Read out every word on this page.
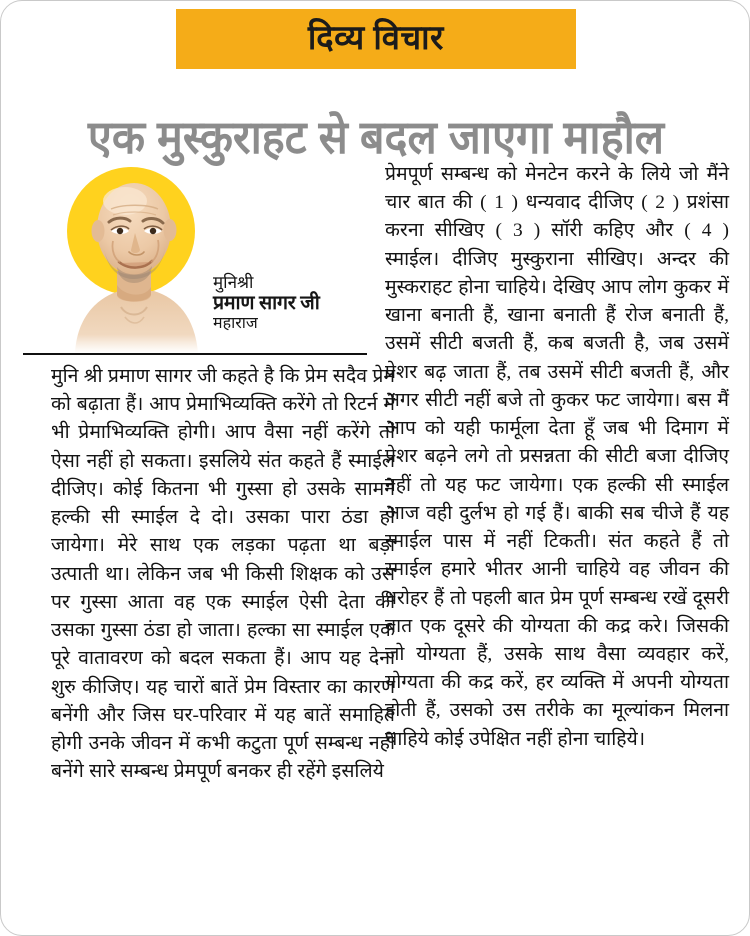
दिव्य विचार
एक मुस्कुराहट से बदल जाएगा माहौल
मुनिश्री
प्रमाण सागर जी
महाराज

मुनि श्री प्रमाण सागर जी कहते है कि प्रेम सदैव प्रेम को बढ़ाता हैं। आप प्रेमाभिव्यक्ति करेंगे तो रिटर्न में भी प्रेमाभिव्यक्ति होगी। आप वैसा नहीं करेंगे तो ऐसा नहीं हो सकता। इसलिये संत कहते हैं स्माईल दीजिए। कोई कितना भी गुस्सा हो उसके सामने हल्की सी स्माईल दे दो। उसका पारा ठंडा हो जायेगा। मेरे साथ एक लड़का पढ़ता था बड़ा उत्पाती था। लेकिन जब भी किसी शिक्षक को उस पर गुस्सा आता वह एक स्माईल ऐसी देता की उसका गुस्सा ठंडा हो जाता। हल्का सा स्माईल एक पूरे वातावरण को बदल सकता हैं। आप यह देना शुरु कीजिए। यह चारों बातें प्रेम विस्तार का कारण बनेंगी और जिस घर-परिवार में यह बातें समाहित होगी उनके जीवन में कभी कटुता पूर्ण सम्बन्ध नहीं बनेंगे सारे सम्बन्ध प्रेमपूर्ण बनकर ही रहेंगे इसलिये

प्रेमपूर्ण सम्बन्ध को मेनटेन करने के लिये जो मैंने चार बात की ( 1 ) धन्यवाद दीजिए ( 2 ) प्रशंसा करना सीखिए ( 3 ) सॉरी कहिए और ( 4 ) स्माईल। दीजिए मुस्कुराना सीखिए। अन्दर की मुस्कराहट होना चाहिये। देखिए आप लोग कुकर में खाना बनाती हैं, खाना बनाती हैं रोज बनाती हैं, उसमें सीटी बजती हैं, कब बजती है, जब उसमें प्रेशर बढ़ जाता हैं, तब उसमें सीटी बजती हैं, और अगर सीटी नहीं बजे तो कुकर फट जायेगा। बस मैं आप को यही फार्मूला देता हूँ जब भी दिमाग में प्रेशर बढ़ने लगे तो प्रसन्नता की सीटी बजा दीजिए नहीं तो यह फट जायेगा। एक हल्की सी स्माईल आज वही दुर्लभ हो गई हैं। बाकी सब चीजे हैं यह स्माईल पास में नहीं टिकती। संत कहते हैं तो स्माईल हमारे भीतर आनी चाहिये वह जीवन की धरोहर हैं तो पहली बात प्रेम पूर्ण सम्बन्ध रखें दूसरी बात एक दूसरे की योग्यता की कद्र करे। जिसकी जो योग्यता हैं, उसके साथ वैसा व्यवहार करें, योग्यता की कद्र करें, हर व्यक्ति में अपनी योग्यता होती हैं, उसको उस तरीके का मूल्यांकन मिलना चाहिये कोई उपेक्षित नहीं होना चाहिये।
